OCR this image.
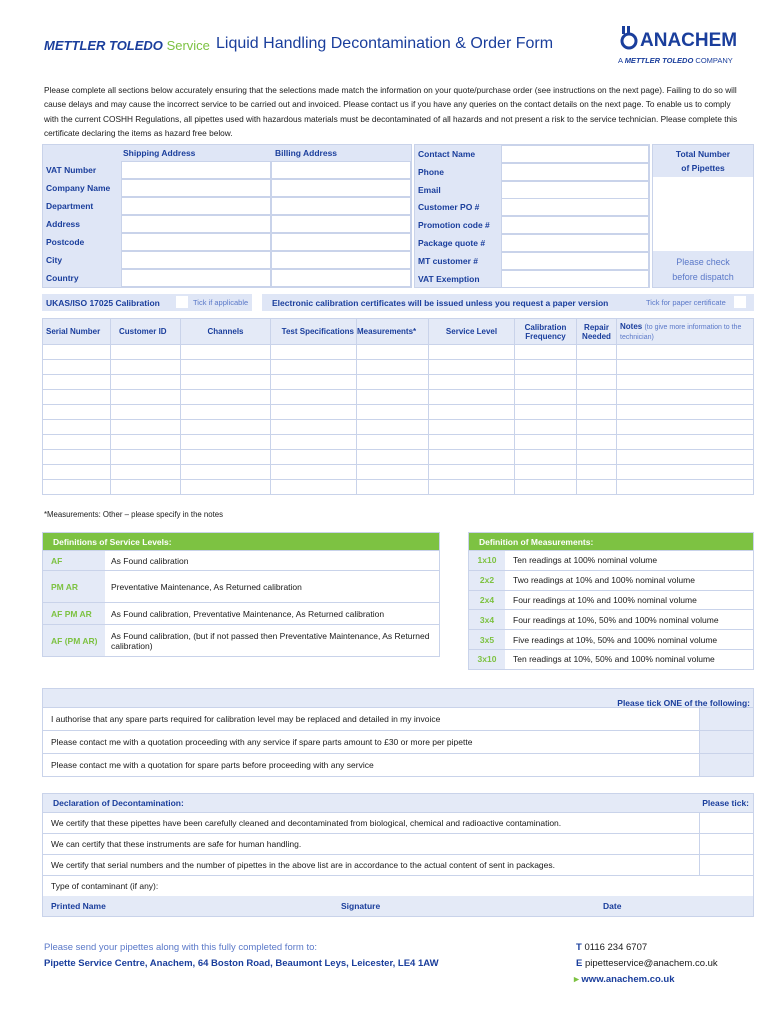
METTLER TOLEDO Service Liquid Handling Decontamination & Order Form	ANACHEM
A METTLER TOLEDO COMPANY
Please complete all sections below accurately ensuring that the selections made match the information on your quote/purchase order (see instructions on the next page). Failing to do so will cause delays and may cause the incorrect service to be carried out and invoiced. Please contact us if you have any queries on the contact details on the next page. To enable us to comply with the current COSHH Regulations, all pipettes used with hazardous materials must be decontaminated of all hazards and not present a risk to the service technician. Please complete this certificate declaring the items as hazard free below.
Shipping Address	Billing Address
VAT Number
Company Name
Department
Address
Postcode
City
Country
Contact Name
Phone
Email
Customer PO #
Promotion code #
Package quote #
MT customer #
VAT Exemption
Total Number
of Pipettes
Please check
before dispatch
UKAS/ISO 17025 Calibration	Tick if applicable	Electronic calibration certificates will be issued unless you request a paper version	Tick for paper certificate
Serial Number	Customer ID	Channels	Test Specifications	Measurements*	Service Level	Calibration Frequency	Repair Needed	Notes (to give more information to the technician)

*Measurements: Other – please specify in the notes
Definitions of Service Levels:
AF	As Found calibration
PM AR	Preventative Maintenance, As Returned calibration
AF PM AR	As Found calibration, Preventative Maintenance, As Returned calibration
AF (PM AR)	As Found calibration, (but if not passed then Preventative Maintenance, As Returned calibration)
Definition of Measurements:
1x10	Ten readings at 100% nominal volume
2x2	Two readings at 10% and 100% nominal volume
2x4	Four readings at 10% and 100% nominal volume
3x4	Four readings at 10%, 50% and 100% nominal volume
3x5	Five readings at 10%, 50% and 100% nominal volume
3x10	Ten readings at 10%, 50% and 100% nominal volume
Please tick ONE of the following:
I authorise that any spare parts required for calibration level may be replaced and detailed in my invoice
Please contact me with a quotation proceeding with any service if spare parts amount to £30 or more per pipette
Please contact me with a quotation for spare parts before proceeding with any service
Declaration of Decontamination:	Please tick:
We certify that these pipettes have been carefully cleaned and decontaminated from biological, chemical and radioactive contamination.
We can certify that these instruments are safe for human handling.
We certify that serial numbers and the number of pipettes in the above list are in accordance to the actual content of sent in packages.
Type of contaminant (if any):
Printed Name	Signature	Date
Please send your pipettes along with this fully completed form to:
Pipette Service Centre, Anachem, 64 Boston Road, Beaumont Leys, Leicester, LE4 1AW
T 0116 234 6707
E pipetteservice@anachem.co.uk
▸ www.anachem.co.uk
